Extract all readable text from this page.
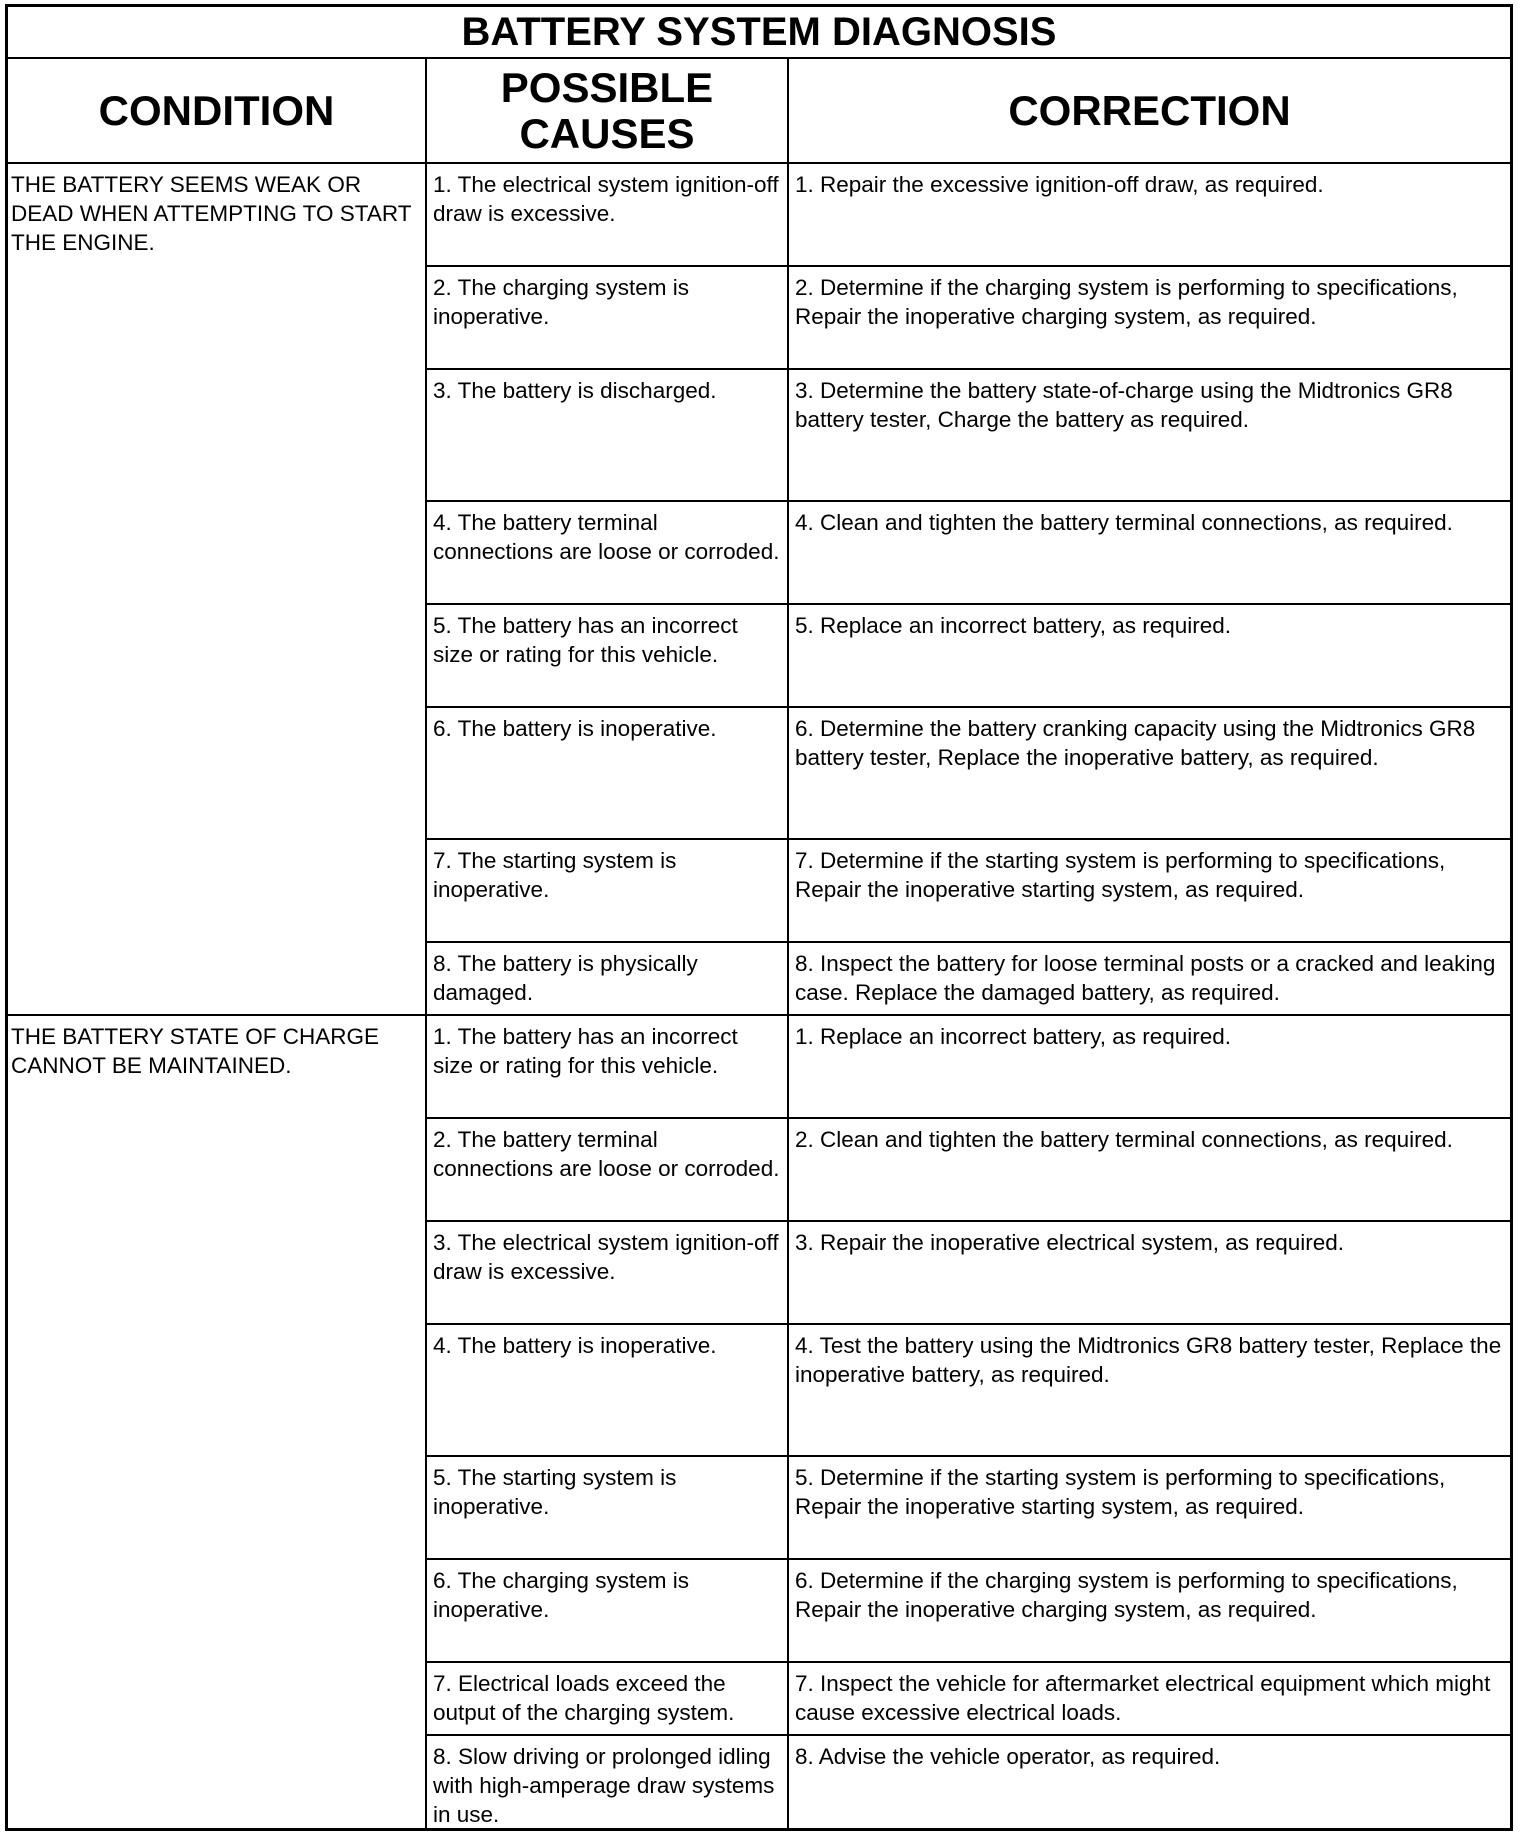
BATTERY SYSTEM DIAGNOSIS		
CONDITION	POSSIBLE CAUSES	CORRECTION
THE BATTERY SEEMS WEAK OR DEAD WHEN ATTEMPTING TO START THE ENGINE.	1. The electrical system ignition-off draw is excessive.	1. Repair the excessive ignition-off draw, as required.
	2. The charging system is inoperative.	2. Determine if the charging system is performing to specifications, Repair the inoperative charging system, as required.
	3. The battery is discharged.	3. Determine the battery state-of-charge using the Midtronics GR8 battery tester, Charge the battery as required.
	4. The battery terminal connections are loose or corroded.	4. Clean and tighten the battery terminal connections, as required.
	5. The battery has an incorrect size or rating for this vehicle.	5. Replace an incorrect battery, as required.
	6. The battery is inoperative.	6. Determine the battery cranking capacity using the Midtronics GR8 battery tester, Replace the inoperative battery, as required.
	7. The starting system is inoperative.	7. Determine if the starting system is performing to specifications, Repair the inoperative starting system, as required.
	8. The battery is physically damaged.	8. Inspect the battery for loose terminal posts or a cracked and leaking case. Replace the damaged battery, as required.
THE BATTERY STATE OF CHARGE CANNOT BE MAINTAINED.	1. The battery has an incorrect size or rating for this vehicle.	1. Replace an incorrect battery, as required.
	2. The battery terminal connections are loose or corroded.	2. Clean and tighten the battery terminal connections, as required.
	3. The electrical system ignition-off draw is excessive.	3. Repair the inoperative electrical system, as required.
	4. The battery is inoperative.	4. Test the battery using the Midtronics GR8 battery tester, Replace the inoperative battery, as required.
	5. The starting system is inoperative.	5. Determine if the starting system is performing to specifications, Repair the inoperative starting system, as required.
	6. The charging system is inoperative.	6. Determine if the charging system is performing to specifications, Repair the inoperative charging system, as required.
	7. Electrical loads exceed the output of the charging system.	7. Inspect the vehicle for aftermarket electrical equipment which might cause excessive electrical loads.
	8. Slow driving or prolonged idling with high-amperage draw systems in use.	8. Advise the vehicle operator, as required.
